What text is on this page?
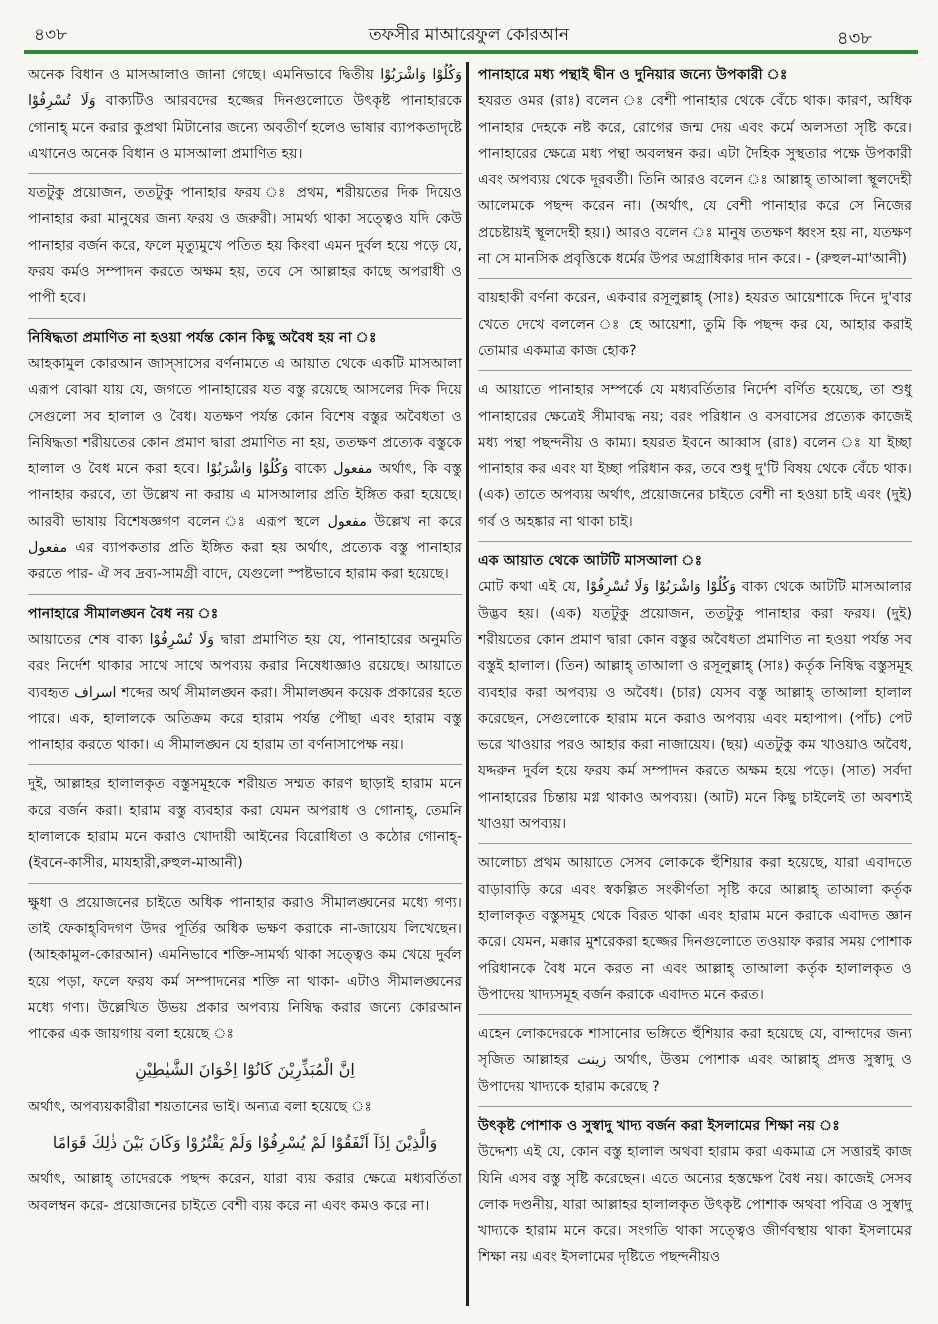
৪৩৮	তফসীর মাআরেফুল কোরআন	৪৩৮
অনেক বিধান ও মাসআলাও জানা গেছে। এমনিভাবে দ্বিতীয় وَكُلُوْا وَاشْرَبُوْا وَلَا تُسْرِفُوْا বাক্যটিও আরবদের হজ্জের দিনগুলোতে উৎকৃষ্ট পানাহারকে গোনাহ্ মনে করার কুপ্রথা মিটানোর জন্যে অবতীর্ণ হলেও ভাষার ব্যাপকতাদৃষ্টে এখানেও অনেক বিধান ও মাসআলা প্রমাণিত হয়।
যতটুকু প্রয়োজন, ততটুকু পানাহার ফরয ঃ প্রথম, শরীয়তের দিক দিয়েও পানাহার করা মানুষের জন্য ফরয ও জরুরী। সামর্থ্য থাকা সত্ত্বেও যদি কেউ পানাহার বর্জন করে, ফলে মৃত্যুমুখে পতিত হয় কিংবা এমন দুর্বল হয়ে পড়ে যে, ফরয কর্মও সম্পাদন করতে অক্ষম হয়, তবে সে আল্লাহর কাছে অপরাধী ও পাপী হবে।
নিষিদ্ধতা প্রমাণিত না হওয়া পর্যন্ত কোন কিছু অবৈধ হয় না ঃ
আহকামুল কোরআন জাস্সাসের বর্ণনামতে এ আয়াত থেকে একটি মাসআলা এরূপ বোঝা যায় যে, জগতে পানাহারের যত বস্তু রয়েছে আসলের দিক দিয়ে সেগুলো সব হালাল ও বৈধ। যতক্ষণ পর্যন্ত কোন বিশেষ বস্তুর অবৈধতা ও নিষিদ্ধতা শরীয়তের কোন প্রমাণ দ্বারা প্রমাণিত না হয়, ততক্ষণ প্রত্যেক বস্তুকে হালাল ও বৈধ মনে করা হবে। وَكُلُوْا وَاشْرَبُوْا বাক্যে مفعول অর্থাৎ, কি বস্তু পানাহার করবে, তা উল্লেখ না করায় এ মাসআলার প্রতি ইঙ্গিত করা হয়েছে। আরবী ভাষায় বিশেষজ্ঞগণ বলেন ঃ এরূপ স্থলে مفعول উল্লেখ না করে مفعول এর ব্যাপকতার প্রতি ইঙ্গিত করা হয় অর্থাৎ, প্রত্যেক বস্তু পানাহার করতে পার- ঐ সব দ্রব্য-সামগ্রী বাদে, যেগুলো স্পষ্টভাবে হারাম করা হয়েছে।
পানাহারে সীমালঙ্ঘন বৈধ নয় ঃ
আয়াতের শেষ বাক্য وَلَا تُسْرِفُوْا দ্বারা প্রমাণিত হয় যে, পানাহারের অনুমতি বরং নির্দেশ থাকার সাথে সাথে অপব্যয় করার নিষেধাজ্ঞাও রয়েছে। আয়াতে ব্যবহৃত اسراف শব্দের অর্থ সীমালঙ্ঘন করা। সীমালঙ্ঘন কয়েক প্রকারের হতে পারে। এক, হালালকে অতিক্রম করে হারাম পর্যন্ত পৌছা এবং হারাম বস্তু পানাহার করতে থাকা। এ সীমালঙ্ঘন যে হারাম তা বর্ণনাসাপেক্ষ নয়।
দুই, আল্লাহর হালালকৃত বস্তুসমূহকে শরীয়ত সম্মত কারণ ছাড়াই হারাম মনে করে বর্জন করা। হারাম বস্তু ব্যবহার করা যেমন অপরাধ ও গোনাহ্, তেমনি হালালকে হারাম মনে করাও খোদায়ী আইনের বিরোধিতা ও কঠোর গোনাহ্- (ইবনে-কাসীর, মাযহারী,রুহুল-মাআনী)
ক্ষুধা ও প্রয়োজনের চাইতে অধিক পানাহার করাও সীমালঙ্ঘনের মধ্যে গণ্য। তাই ফেকাহ্‌বিদগণ উদর পূর্তির অধিক ভক্ষণ করাকে না-জায়েয লিখেছেন। (আহকামুল-কোরআন) এমনিভাবে শক্তি-সামর্থ্য থাকা সত্ত্বেও কম খেয়ে দুর্বল হয়ে পড়া, ফলে ফরয কর্ম সম্পাদনের শক্তি না থাকা- এটাও সীমালঙ্ঘনের মধ্যে গণ্য। উল্লেখিত উভয় প্রকার অপব্যয় নিষিদ্ধ করার জন্যে কোরআন পাকের এক জায়গায় বলা হয়েছে ঃ
اِنَّ الْمُبَذِّرِيْنَ كَانُوْٓا اِخْوَانَ الشَّيٰطِيْنِ
অর্থাৎ, অপব্যয়কারীরা শয়তানের ভাই। অন্যত্র বলা হয়েছে ঃ
وَالَّذِيْنَ اِذَآ اَنْفَقُوْا لَمْ يُسْرِفُوْا وَلَمْ يَقْتُرُوْا وَكَانَ بَيْنَ ذٰلِكَ قَوَامًا
অর্থাৎ, আল্লাহ্ তাদেরকে পছন্দ করেন, যারা ব্যয় করার ক্ষেত্রে মধ্যবর্তিতা অবলম্বন করে- প্রয়োজনের চাইতে বেশী ব্যয় করে না এবং কমও করে না।
পানাহারে মধ্য পন্থাই দ্বীন ও দুনিয়ার জন্যে উপকারী ঃ
হযরত ওমর (রাঃ) বলেন ঃ বেশী পানাহার থেকে বেঁচে থাক। কারণ, অধিক পানাহার দেহকে নষ্ট করে, রোগের জন্ম দেয় এবং কর্মে অলসতা সৃষ্টি করে। পানাহারের ক্ষেত্রে মধ্য পন্থা অবলম্বন কর। এটা দৈহিক সুস্থতার পক্ষে উপকারী এবং অপব্যয় থেকে দূরবর্তী। তিনি আরও বলেন ঃ আল্লাহ্ তাআলা স্থূলদেহী আলেমকে পছন্দ করেন না। (অর্থাৎ, যে বেশী পানাহার করে সে নিজের প্রচেষ্টায়ই স্থূলদেহী হয়।) আরও বলেন ঃ মানুষ ততক্ষণ ধ্বংস হয় না, যতক্ষণ না সে মানসিক প্রবৃত্তিকে ধর্মের উপর অগ্রাধিকার দান করে। - (রুহুল-মা'আনী)
বায়হাকী বর্ণনা করেন, একবার রসূলুল্লাহ্ (সাঃ) হযরত আয়েশাকে দিনে দু'বার খেতে দেখে বললেন ঃ হে আয়েশা, তুমি কি পছন্দ কর যে, আহার করাই তোমার একমাত্র কাজ হোক?
এ আয়াতে পানাহার সম্পর্কে যে মধ্যবর্তিতার নির্দেশ বর্ণিত হয়েছে, তা শুধু পানাহারের ক্ষেত্রেই সীমাবদ্ধ নয়; বরং পরিধান ও বসবাসের প্রত্যেক কাজেই মধ্য পন্থা পছন্দনীয় ও কাম্য। হযরত ইবনে আব্বাস (রাঃ) বলেন ঃ যা ইচ্ছা পানাহার কর এবং যা ইচ্ছা পরিধান কর, তবে শুধু দু'টি বিষয় থেকে বেঁচে থাক। (এক) তাতে অপব্যয় অর্থাৎ, প্রয়োজনের চাইতে বেশী না হওয়া চাই এবং (দুই) গর্ব ও অহঙ্কার না থাকা চাই।
এক আয়াত থেকে আটটি মাসআলা ঃ
মোট কথা এই যে, وَكُلُوْا وَاشْرَبُوْا وَلَا تُسْرِفُوْا বাক্য থেকে আটটি মাসআলার উদ্ভব হয়। (এক) যতটুকু প্রয়োজন, ততটুকু পানাহার করা ফরয। (দুই) শরীয়তের কোন প্রমাণ দ্বারা কোন বস্তুর অবৈধতা প্রমাণিত না হওয়া পর্যন্ত সব বস্তুই হালাল। (তিন) আল্লাহ্ তাআলা ও রসূলুল্লাহ্ (সাঃ) কর্তৃক নিষিদ্ধ বস্তুসমূহ ব্যবহার করা অপব্যয় ও অবৈধ। (চার) যেসব বস্তু আল্লাহ্ তাআলা হালাল করেছেন, সেগুলোকে হারাম মনে করাও অপব্যয় এবং মহাপাপ। (পাঁচ) পেট ভরে খাওয়ার পরও আহার করা নাজায়েয। (ছয়) এতটুকু কম খাওয়াও অবৈধ, যদ্দরুন দুর্বল হয়ে ফরয কর্ম সম্পাদন করতে অক্ষম হয়ে পড়ে। (সাত) সর্বদা পানাহারের চিন্তায় মগ্ন থাকাও অপব্যয়। (আট) মনে কিছু চাইলেই তা অবশ্যই খাওয়া অপব্যয়।
আলোচ্য প্রথম আয়াতে সেসব লোককে হুঁশিয়ার করা হয়েছে, যারা এবাদতে বাড়াবাড়ি করে এবং স্বকল্পিত সংকীর্ণতা সৃষ্টি করে আল্লাহ্ তাআলা কর্তৃক হালালকৃত বস্তুসমূহ থেকে বিরত থাকা এবং হারাম মনে করাকে এবাদত জ্ঞান করে। যেমন, মক্কার মুশরেকরা হজ্জের দিনগুলোতে তওয়াফ করার সময় পোশাক পরিধানকে বৈধ মনে করত না এবং আল্লাহ্ তাআলা কর্তৃক হালালকৃত ও উপাদেয় খাদ্যসমূহ বর্জন করাকে এবাদত মনে করত।
এহেন লোকদেরকে শাসানোর ভঙ্গিতে হুঁশিয়ার করা হয়েছে যে, বান্দাদের জন্য সৃজিত আল্লাহর زينت অর্থাৎ, উত্তম পোশাক এবং আল্লাহ্ প্রদত্ত সুস্বাদু ও উপাদেয় খাদ্যকে হারাম করেছে ?
উৎকৃষ্ট পোশাক ও সুস্বাদু খাদ্য বর্জন করা ইসলামের শিক্ষা নয় ঃ
উদ্দেশ্য এই যে, কোন বস্তু হালাল অথবা হারাম করা একমাত্র সে সত্তারই কাজ যিনি এসব বস্তু সৃষ্টি করেছেন। এতে অন্যের হস্তক্ষেপ বৈধ নয়। কাজেই সেসব লোক দণ্ডনীয়, যারা আল্লাহর হালালকৃত উৎকৃষ্ট পোশাক অথবা পবিত্র ও সুস্বাদু খাদ্যকে হারাম মনে করে। সংগতি থাকা সত্ত্বেও জীর্ণবস্থায় থাকা ইসলামের শিক্ষা নয় এবং ইসলামের দৃষ্টিতে পছন্দনীয়ও
